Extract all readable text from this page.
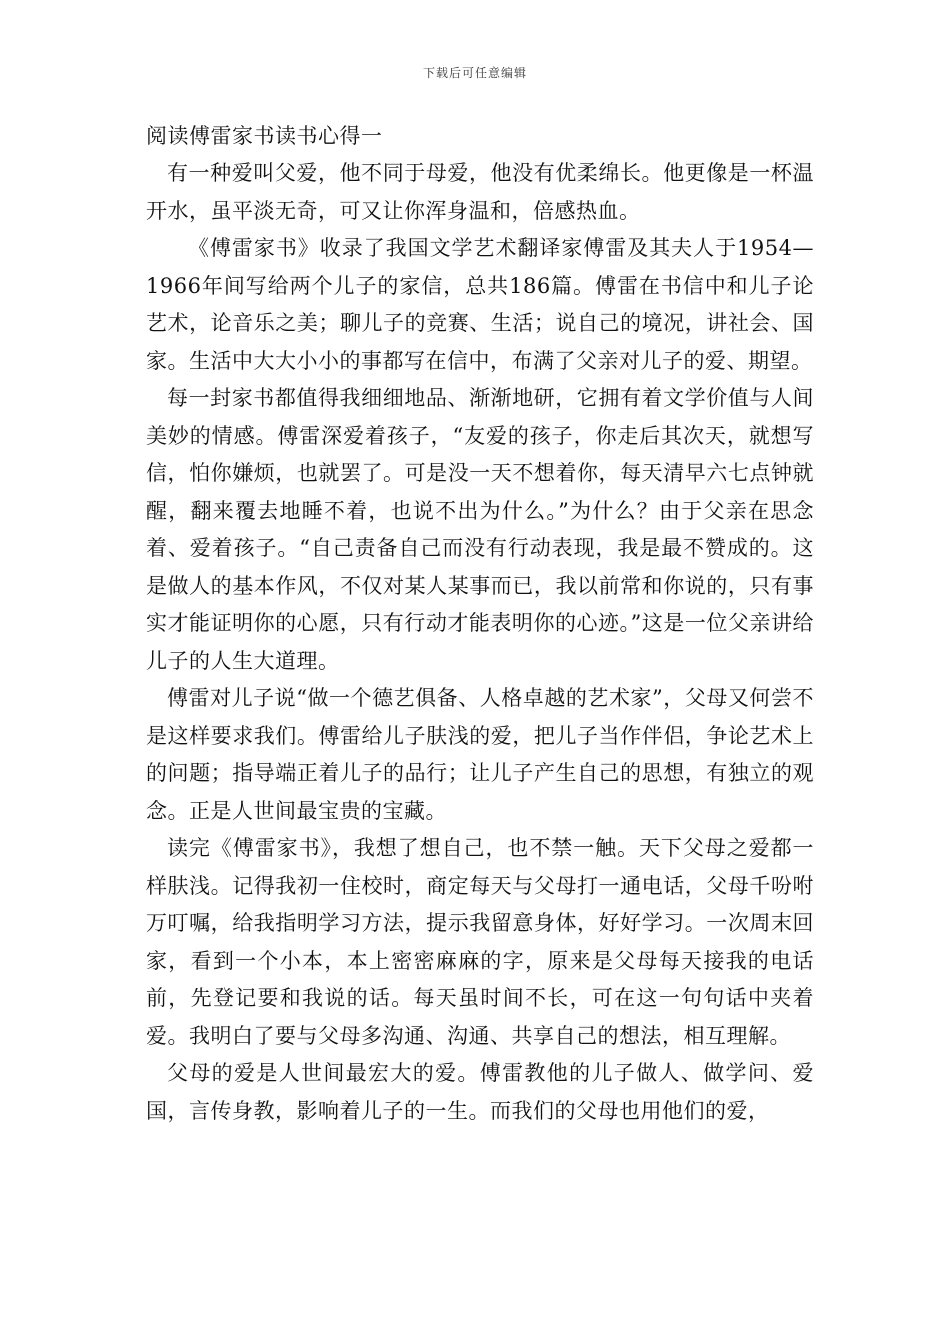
下载后可任意编辑
阅读傅雷家书读书心得一

有一种爱叫父爱，他不同于母爱，他没有优柔绵长。他更像是一杯温开水，虽平淡无奇，可又让你浑身温和，倍感热血。

《傅雷家书》收录了我国文学艺术翻译家傅雷及其夫人于1954—1966年间写给两个儿子的家信，总共186篇。傅雷在书信中和儿子论艺术，论音乐之美；聊儿子的竞赛、生活；说自己的境况，讲社会、国家。生活中大大小小的事都写在信中，布满了父亲对儿子的爱、期望。

每一封家书都值得我细细地品、渐渐地研，它拥有着文学价值与人间美妙的情感。傅雷深爱着孩子，“友爱的孩子，你走后其次天，就想写信，怕你嫌烦，也就罢了。可是没一天不想着你，每天清早六七点钟就醒，翻来覆去地睡不着，也说不出为什么。”为什么？由于父亲在思念着、爱着孩子。“自己责备自己而没有行动表现，我是最不赞成的。这是做人的基本作风，不仅对某人某事而已，我以前常和你说的，只有事实才能证明你的心愿，只有行动才能表明你的心迹。”这是一位父亲讲给儿子的人生大道理。

傅雷对儿子说“做一个德艺俱备、人格卓越的艺术家”，父母又何尝不是这样要求我们。傅雷给儿子肤浅的爱，把儿子当作伴侣，争论艺术上的问题；指导端正着儿子的品行；让儿子产生自己的思想，有独立的观念。正是人世间最宝贵的宝藏。

读完《傅雷家书》，我想了想自己，也不禁一触。天下父母之爱都一样肤浅。记得我初一住校时，商定每天与父母打一通电话，父母千吩咐万叮嘱，给我指明学习方法，提示我留意身体，好好学习。一次周末回家，看到一个小本，本上密密麻麻的字，原来是父母每天接我的电话前，先登记要和我说的话。每天虽时间不长，可在这一句句话中夹着爱。我明白了要与父母多沟通、沟通、共享自己的想法，相互理解。

父母的爱是人世间最宏大的爱。傅雷教他的儿子做人、做学问、爱国，言传身教，影响着儿子的一生。而我们的父母也用他们的爱，
